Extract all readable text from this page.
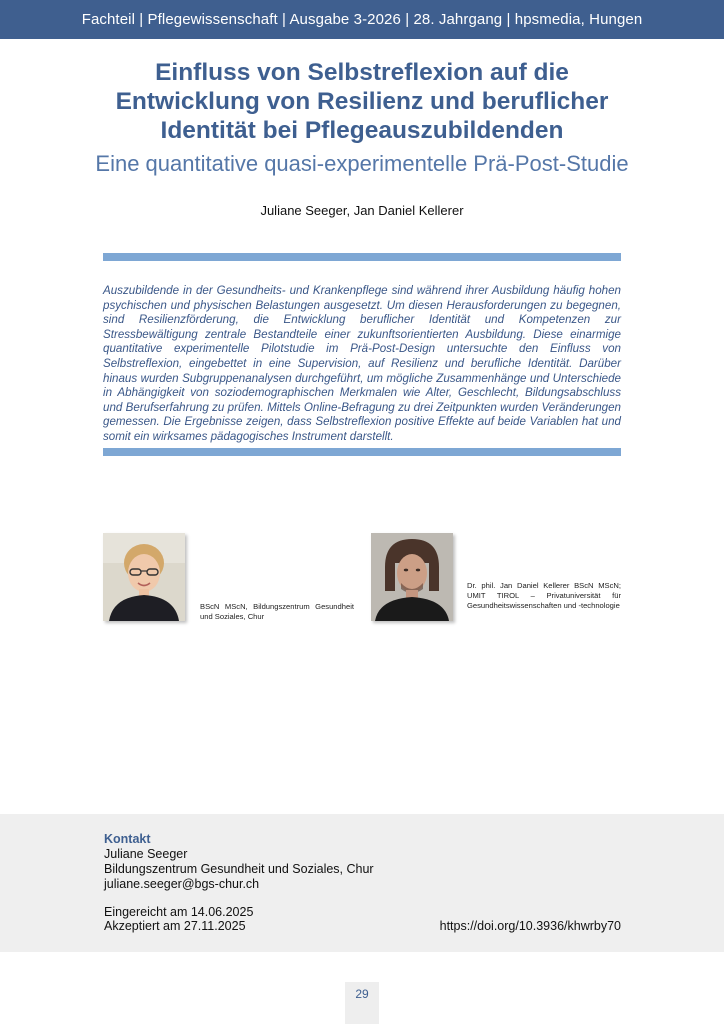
Fachteil | Pflegewissenschaft | Ausgabe 3-2026 | 28. Jahrgang | hpsmedia, Hungen
Einfluss von Selbstreflexion auf die
Entwicklung von Resilienz und beruflicher
Identität bei Pflegeauszubildenden
Eine quantitative quasi-experimentelle Prä-Post-Studie
Juliane Seeger, Jan Daniel Kellerer
Auszubildende in der Gesundheits- und Krankenpflege sind während ihrer Ausbildung häufig hohen psychischen und physischen Belastungen ausgesetzt. Um diesen Herausforderungen zu begegnen, sind Resilienzförderung, die Entwicklung beruflicher Identität und Kompetenzen zur Stressbewältigung zentrale Bestandteile einer zukunftsorientierten Ausbildung. Diese einarmige quantitative experimentelle Pilotstudie im Prä-Post-Design untersuchte den Einfluss von Selbstreflexion, eingebettet in eine Supervision, auf Resilienz und berufliche Identität. Darüber hinaus wurden Subgruppenanalysen durchgeführt, um mögliche Zusammenhänge und Unterschiede in Abhängigkeit von soziodemographischen Merkmalen wie Alter, Geschlecht, Bildungsabschluss und Berufserfahrung zu prüfen. Mittels Online-Befragung zu drei Zeitpunkten wurden Veränderungen gemessen. Die Ergebnisse zeigen, dass Selbstreflexion positive Effekte auf beide Variablen hat und somit ein wirksames pädagogisches Instrument darstellt.
BScN MScN, Bildungszentrum Gesundheit und Soziales, Chur
Dr. phil. Jan Daniel Kellerer BScN MScN; UMIT TIROL – Privatuniversität für Gesundheitswissenschaften und -technologie
Kontakt
Juliane Seeger
Bildungszentrum Gesundheit und Soziales, Chur
juliane.seeger@bgs-chur.ch
Eingereicht am 14.06.2025
Akzeptiert am 27.11.2025	https://doi.org/10.3936/khwrby70
29
